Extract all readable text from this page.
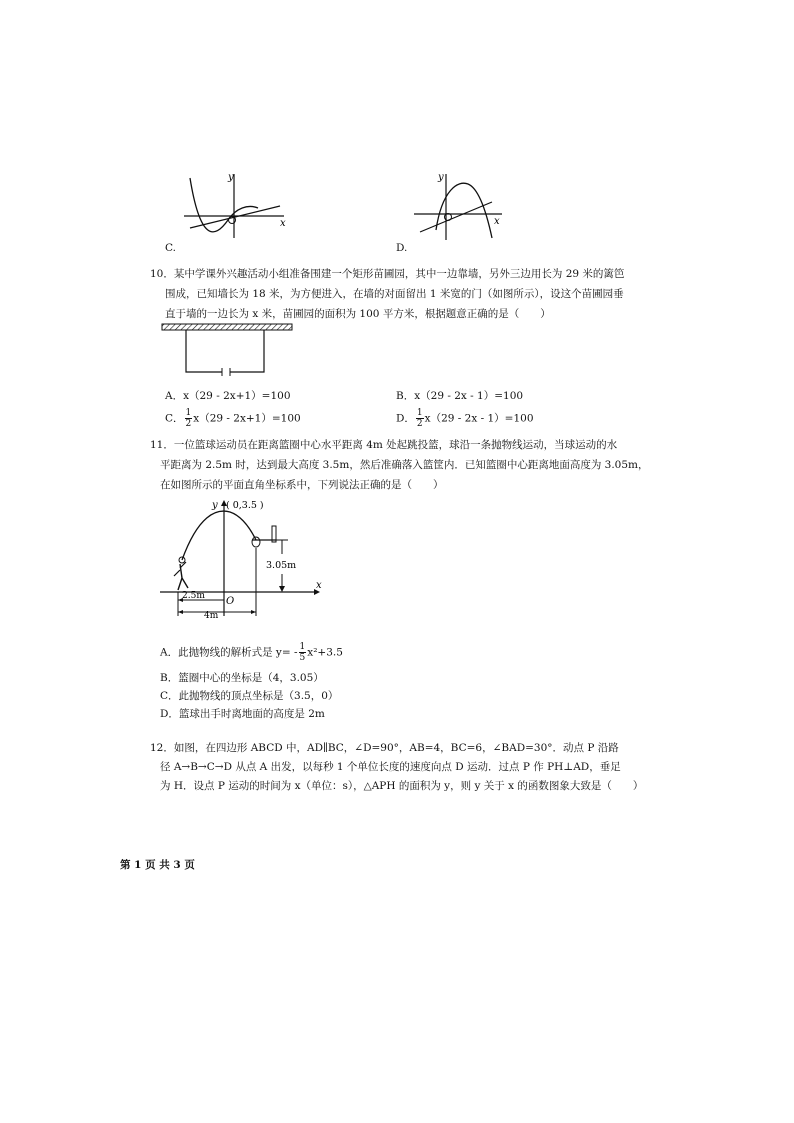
x
y
C.
x
y
D.
10．某中学课外兴趣活动小组准备围建一个矩形苗圃园，其中一边靠墙，另外三边用长为 29 米的篱笆
围成，已知墙长为 18 米，为方便进入，在墙的对面留出 1 米宽的门（如图所示），设这个苗圃园垂
直于墙的一边长为 x 米，苗圃园的面积为 100 平方米，根据题意正确的是（　　）
A．x（29 - 2x+1）=100	B．x（29 - 2x - 1）=100
C． $\frac{1}{2} x(29 - 2x+1)=100$	D． $\frac{1}{2} x(29 - 2x - 1)=100$
11．一位篮球运动员在距离篮圈中心水平距离 4m 处起跳投篮，球沿一条抛物线运动，当球运动的水
平距离为 2.5m 时，达到最大高度 3.5m，然后准确落入篮筐内．已知篮圈中心距离地面高度为 3.05m，
在如图所示的平面直角坐标系中，下列说法正确的是（　　）
y
x
( 0,3.5 )
3.05m
2.5m
4m
O
A．此抛物线的解析式是 $y= - \frac{1}{5} x^2+3.5$
B．篮圈中心的坐标是（4，3.05）
C．此抛物线的顶点坐标是（3.5，0）
D．篮球出手时离地面的高度是 2m
12．如图，在四边形 ABCD 中，AD∥BC，∠D=90°，AB=4，BC=6，∠BAD=30°．动点 P 沿路
径 A→B→C→D 从点 A 出发，以每秒 1 个单位长度的速度向点 D 运动．过点 P 作 PH⊥AD，垂足
为 H．设点 P 运动的时间为 x（单位：s），△APH 的面积为 y，则 y 关于 x 的函数图象大致是（　　）
第 1 页 共 3 页
